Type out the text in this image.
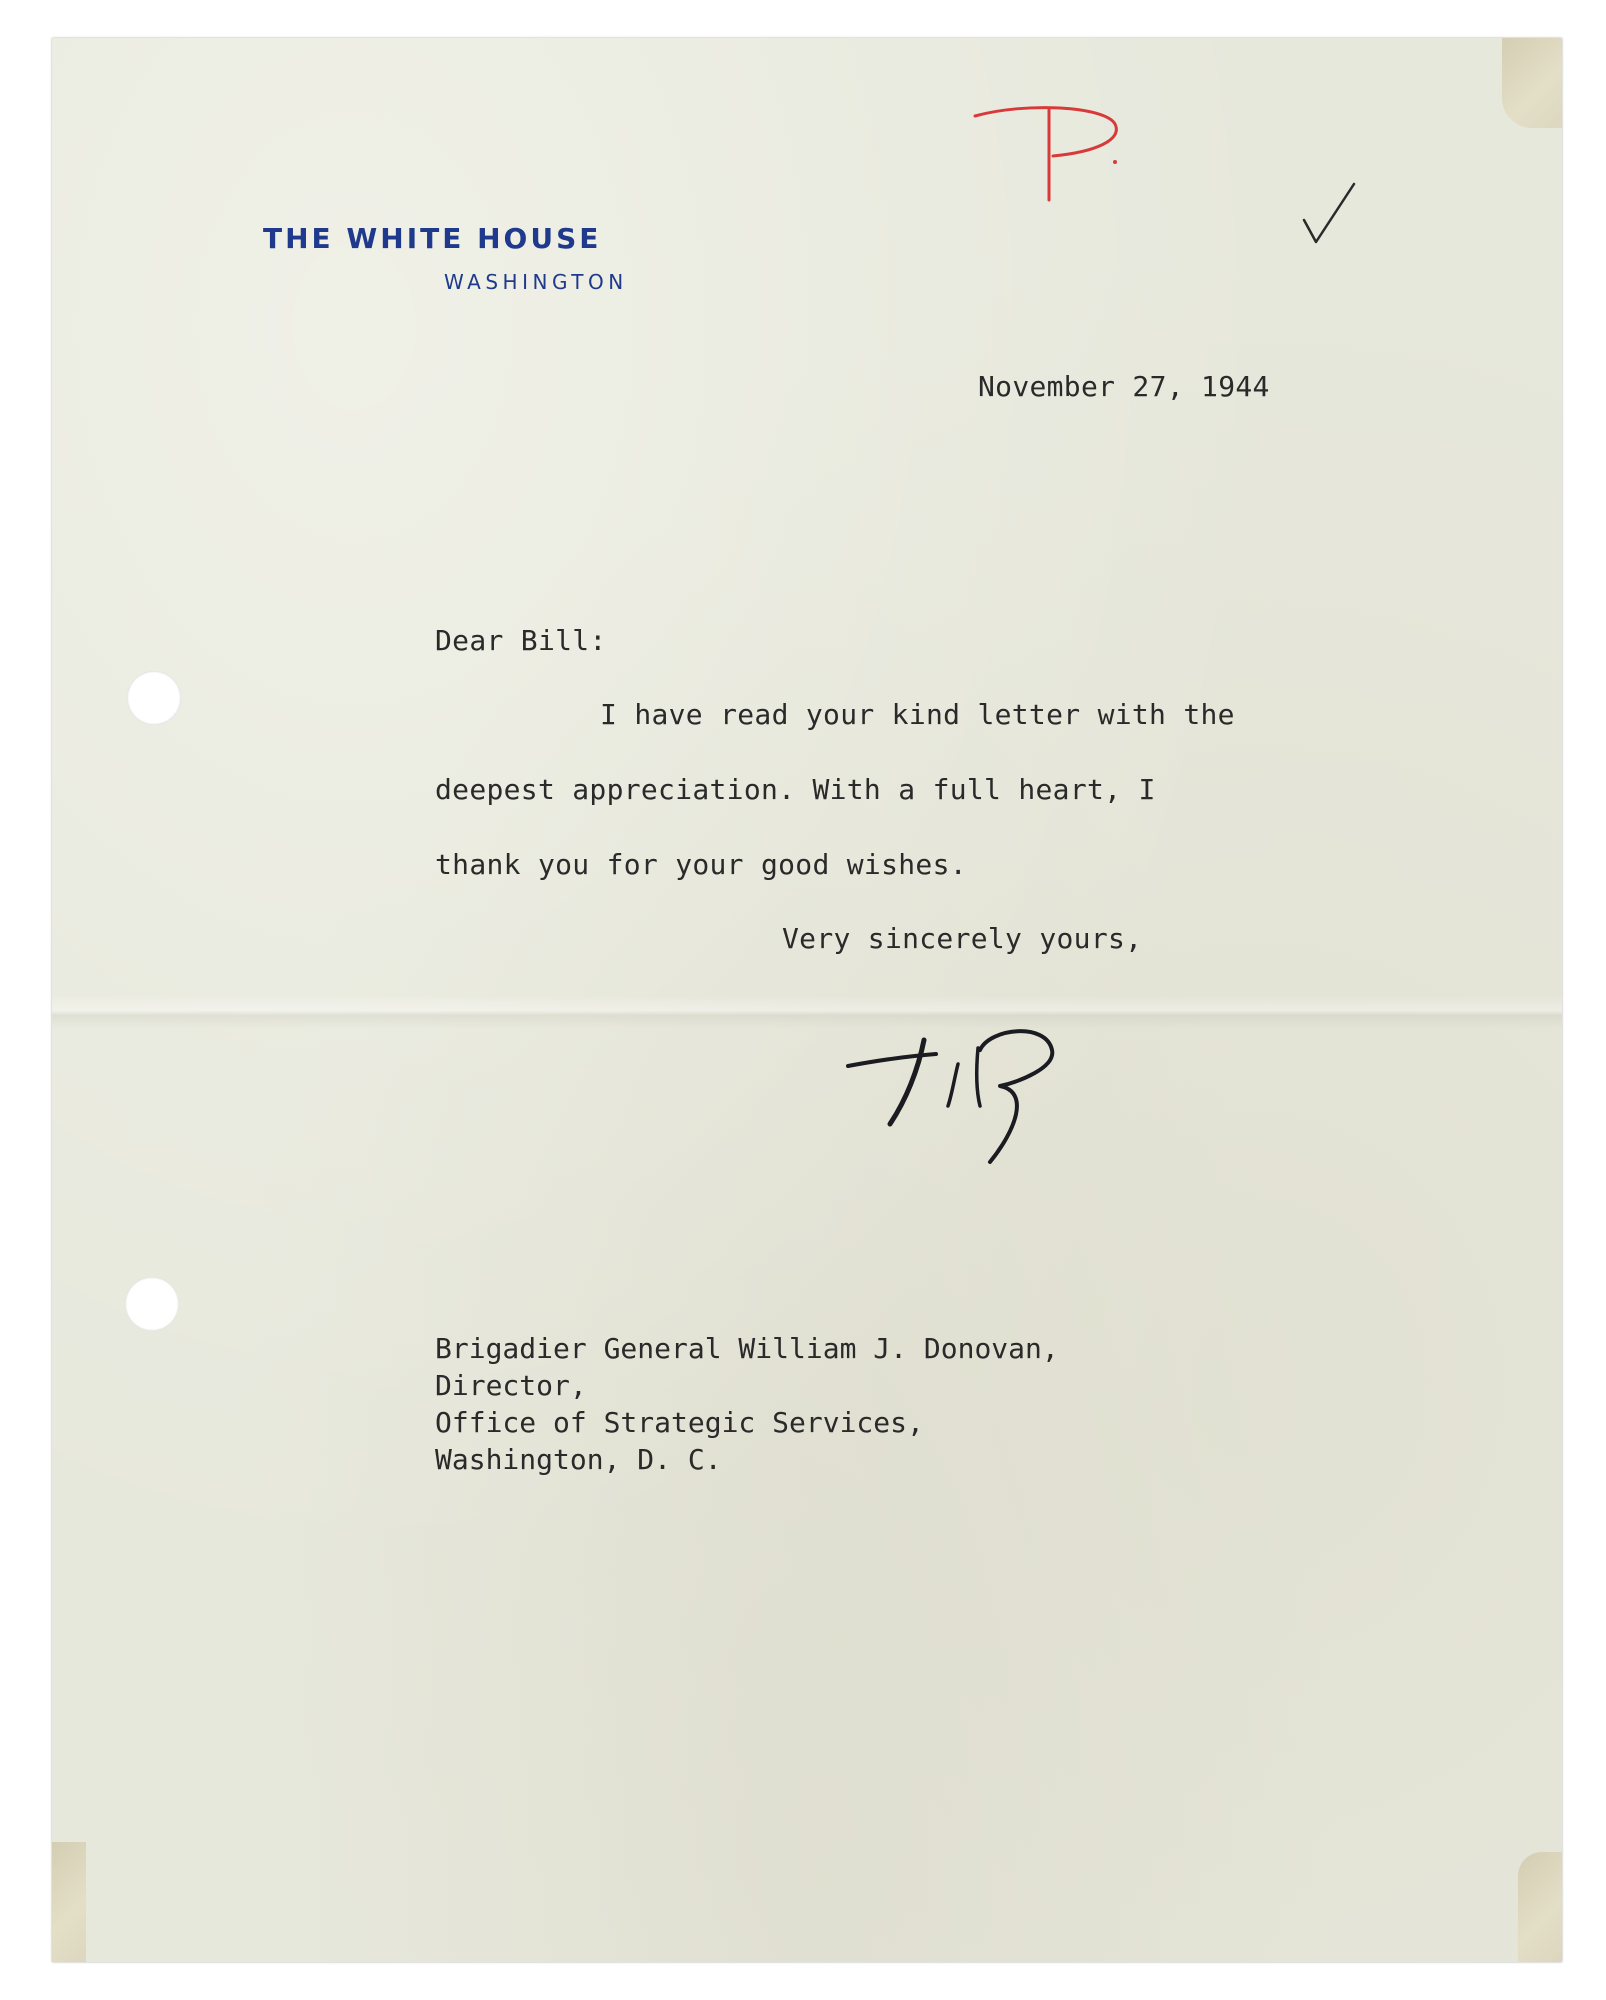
THE WHITE HOUSE

WASHINGTON

November 27, 1944

Dear Bill:

I have read your kind letter with the

deepest appreciation. With a full heart, I

thank you for your good wishes.

Very sincerely yours,

Brigadier General William J. Donovan,
Director,
Office of Strategic Services,
Washington, D. C.
